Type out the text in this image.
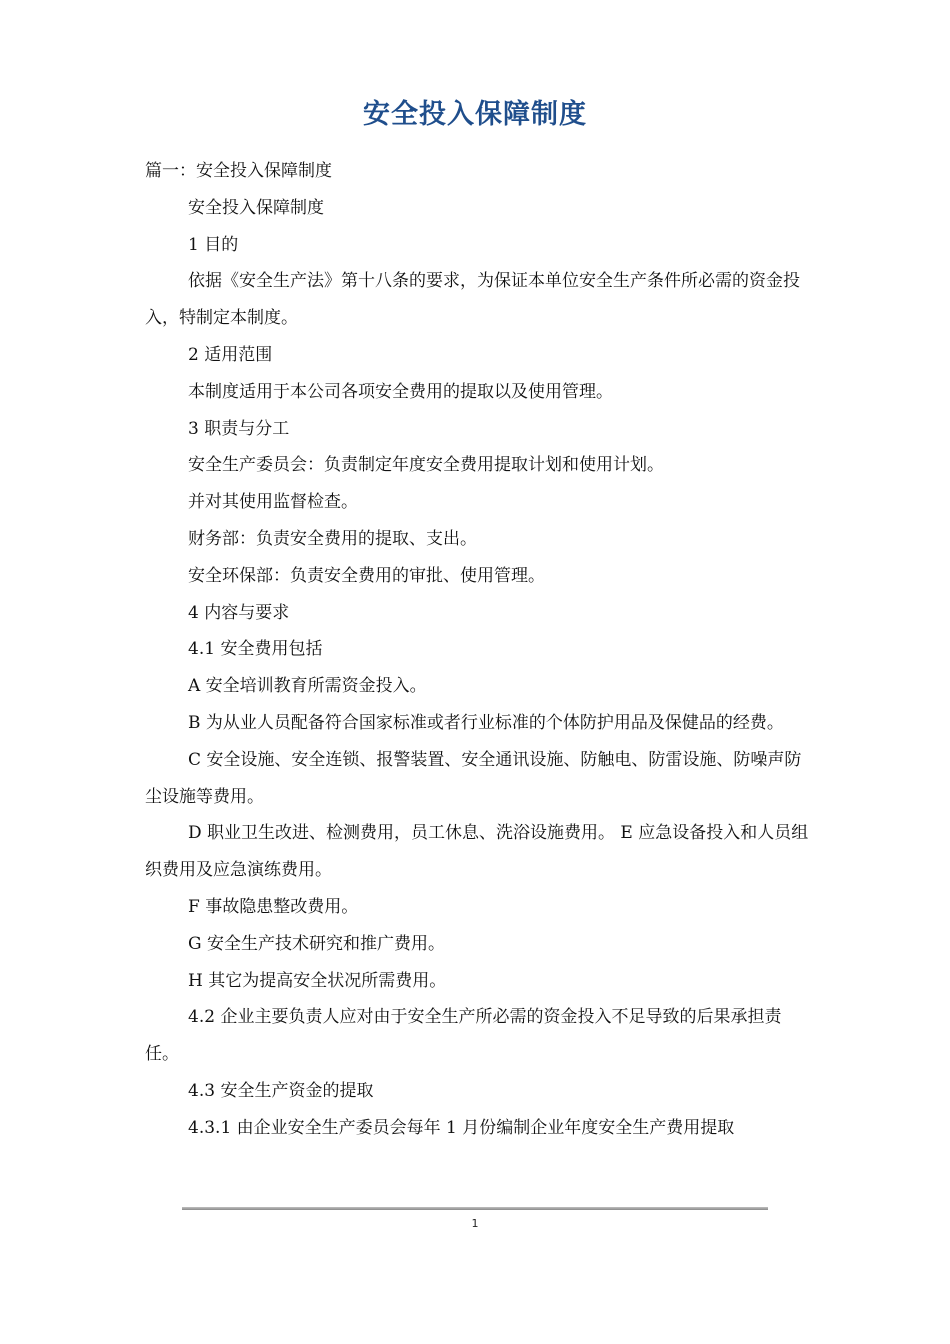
安全投入保障制度

篇一：安全投入保障制度

安全投入保障制度

1 目的

依据《安全生产法》第十八条的要求，为保证本单位安全生产条件所必需的资金投入，特制定本制度。

2 适用范围

本制度适用于本公司各项安全费用的提取以及使用管理。

3 职责与分工

安全生产委员会：负责制定年度安全费用提取计划和使用计划。

并对其使用监督检查。

财务部：负责安全费用的提取、支出。

安全环保部：负责安全费用的审批、使用管理。

4 内容与要求

4.1 安全费用包括

A 安全培训教育所需资金投入。

B 为从业人员配备符合国家标准或者行业标准的个体防护用品及保健品的经费。

C 安全设施、安全连锁、报警装置、安全通讯设施、防触电、防雷设施、防噪声防尘设施等费用。

D 职业卫生改进、检测费用，员工休息、洗浴设施费用。 E 应急设备投入和人员组织费用及应急演练费用。

F 事故隐患整改费用。

G 安全生产技术研究和推广费用。

H 其它为提高安全状况所需费用。

4.2 企业主要负责人应对由于安全生产所必需的资金投入不足导致的后果承担责任。

4.3 安全生产资金的提取

4.3.1 由企业安全生产委员会每年 1 月份编制企业年度安全生产费用提取

1
